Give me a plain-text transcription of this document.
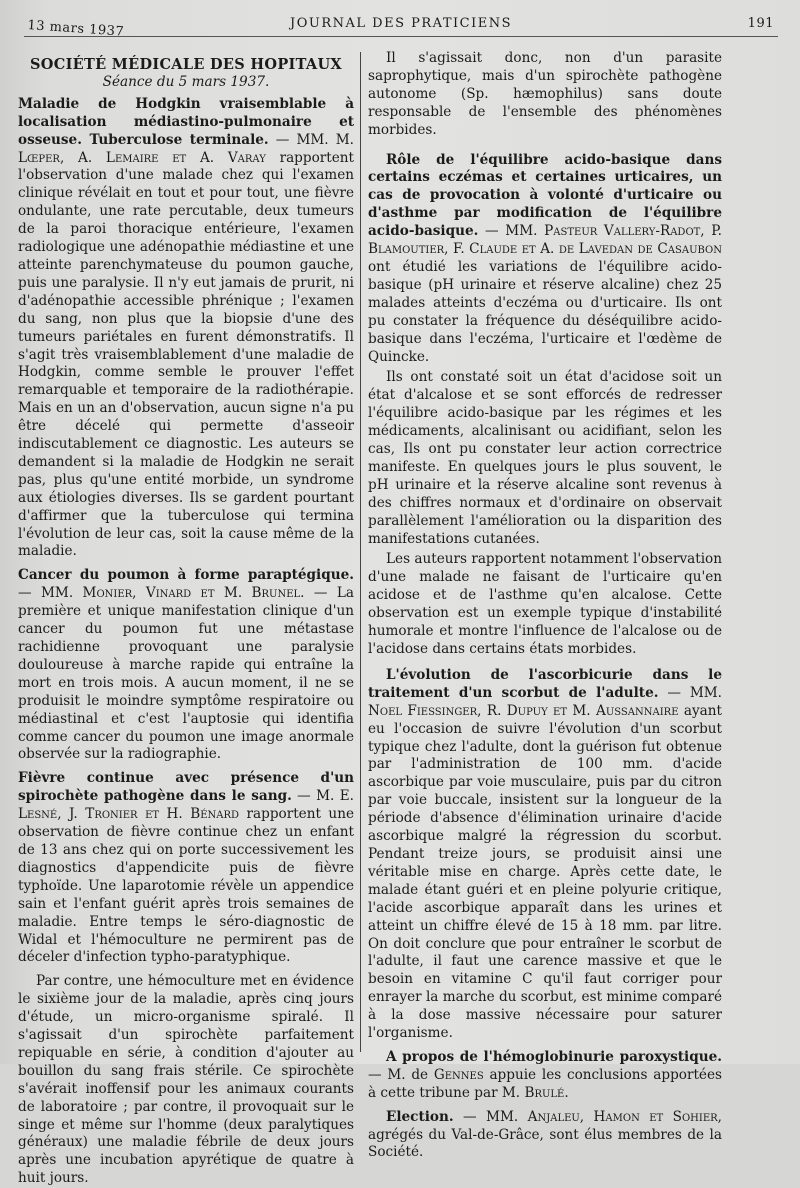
13 mars 1937	JOURNAL DES PRATICIENS	191
SOCIÉTÉ MÉDICALE DES HOPITAUX
Séance du 5 mars 1937.

Maladie de Hodgkin vraisemblable à localisation médiastino-pulmonaire et osseuse. Tuberculose terminale. — MM. M. Lœper, A. Lemaire et A. Varay rapportent l'observation d'une malade chez qui l'examen clinique révélait en tout et pour tout, une fièvre ondulante, une rate percutable, deux tumeurs de la paroi thoracique entérieure, l'examen radiologique une adénopathie médiastine et une atteinte parenchymateuse du poumon gauche, puis une paralysie. Il n'y eut jamais de prurit, ni d'adénopathie accessible phrénique ; l'examen du sang, non plus que la biopsie d'une des tumeurs pariétales en furent démonstratifs. Il s'agit très vraisemblablement d'une maladie de Hodgkin, comme semble le prouver l'effet remarquable et temporaire de la radiothérapie. Mais en un an d'observation, aucun signe n'a pu être décelé qui permette d'asseoir indiscutablement ce diagnostic. Les auteurs se demandent si la maladie de Hodgkin ne serait pas, plus qu'une entité morbide, un syndrome aux étiologies diverses. Ils se gardent pourtant d'affirmer que la tuberculose qui termina l'évolution de leur cas, soit la cause même de la maladie.

Cancer du poumon à forme paraptégique. — MM. Monier, Vinard et M. Brunel. — La première et unique manifestation clinique d'un cancer du poumon fut une métastase rachidienne provoquant une paralysie douloureuse à marche rapide qui entraîne la mort en trois mois. A aucun moment, il ne se produisit le moindre symptôme respiratoire ou médiastinal et c'est l'auptosie qui identifia comme cancer du poumon une image anormale observée sur la radiographie.

Fièvre continue avec présence d'un spirochète pathogène dans le sang. — M. E. Lesné, J. Tronier et H. Bénard rapportent une observation de fièvre continue chez un enfant de 13 ans chez qui on porte successivement les diagnostics d'appendicite puis de fièvre typhoïde. Une laparotomie révèle un appendice sain et l'enfant guérit après trois semaines de maladie. Entre temps le séro-diagnostic de Widal et l'hémoculture ne permirent pas de déceler d'infection typho-paratyphique.

Par contre, une hémoculture met en évidence le sixième jour de la maladie, après cinq jours d'étude, un micro-organisme spiralé. Il s'agissait d'un spirochète parfaitement repiquable en série, à condition d'ajouter au bouillon du sang frais stérile. Ce spirochète s'avérait inoffensif pour les animaux courants de laboratoire ; par contre, il provoquait sur le singe et même sur l'homme (deux paralytiques généraux) une maladie fébrile de deux jours après une incubation apyrétique de quatre à huit jours.

Il s'agissait donc, non d'un parasite saprophytique, mais d'un spirochète pathogène autonome (Sp. hæmophilus) sans doute responsable de l'ensemble des phénomènes morbides.

Rôle de l'équilibre acido-basique dans certains eczémas et certaines urticaires, un cas de provocation à volonté d'urticaire ou d'asthme par modification de l'équilibre acido-basique. — MM. Pasteur Vallery-Radot, P. Blamoutier, F. Claude et A. de Lavedan de Casaubon ont étudié les variations de l'équilibre acido-basique (pH urinaire et réserve alcaline) chez 25 malades atteints d'eczéma ou d'urticaire. Ils ont pu constater la fréquence du déséquilibre acido-basique dans l'eczéma, l'urticaire et l'œdème de Quincke.

Ils ont constaté soit un état d'acidose soit un état d'alcalose et se sont efforcés de redresser l'équilibre acido-basique par les régimes et les médicaments, alcalinisant ou acidifiant, selon les cas, Ils ont pu constater leur action correctrice manifeste. En quelques jours le plus souvent, le pH urinaire et la réserve alcaline sont revenus à des chiffres normaux et d'ordinaire on observait parallèlement l'amélioration ou la disparition des manifestations cutanées.

Les auteurs rapportent notamment l'observation d'une malade ne faisant de l'urticaire qu'en acidose et de l'asthme qu'en alcalose. Cette observation est un exemple typique d'instabilité humorale et montre l'influence de l'alcalose ou de l'acidose dans certains états morbides.

L'évolution de l'ascorbicurie dans le traitement d'un scorbut de l'adulte. — MM. Noel Fiessinger, R. Dupuy et M. Aussannaire ayant eu l'occasion de suivre l'évolution d'un scorbut typique chez l'adulte, dont la guérison fut obtenue par l'administration de 100 mm. d'acide ascorbique par voie musculaire, puis par du citron par voie buccale, insistent sur la longueur de la période d'absence d'élimination urinaire d'acide ascorbique malgré la régression du scorbut. Pendant treize jours, se produisit ainsi une véritable mise en charge. Après cette date, le malade étant guéri et en pleine polyurie critique, l'acide ascorbique apparaît dans les urines et atteint un chiffre élevé de 15 à 18 mm. par litre. On doit conclure que pour entraîner le scorbut de l'adulte, il faut une carence massive et que le besoin en vitamine C qu'il faut corriger pour enrayer la marche du scorbut, est minime comparé à la dose massive nécessaire pour saturer l'organisme.

A propos de l'hémoglobinurie paroxystique. — M. de Gennes appuie les conclusions apportées à cette tribune par M. Brulé.

Election. — MM. Anjaleu, Hamon et Sohier, agrégés du Val-de-Grâce, sont élus membres de la Société.
